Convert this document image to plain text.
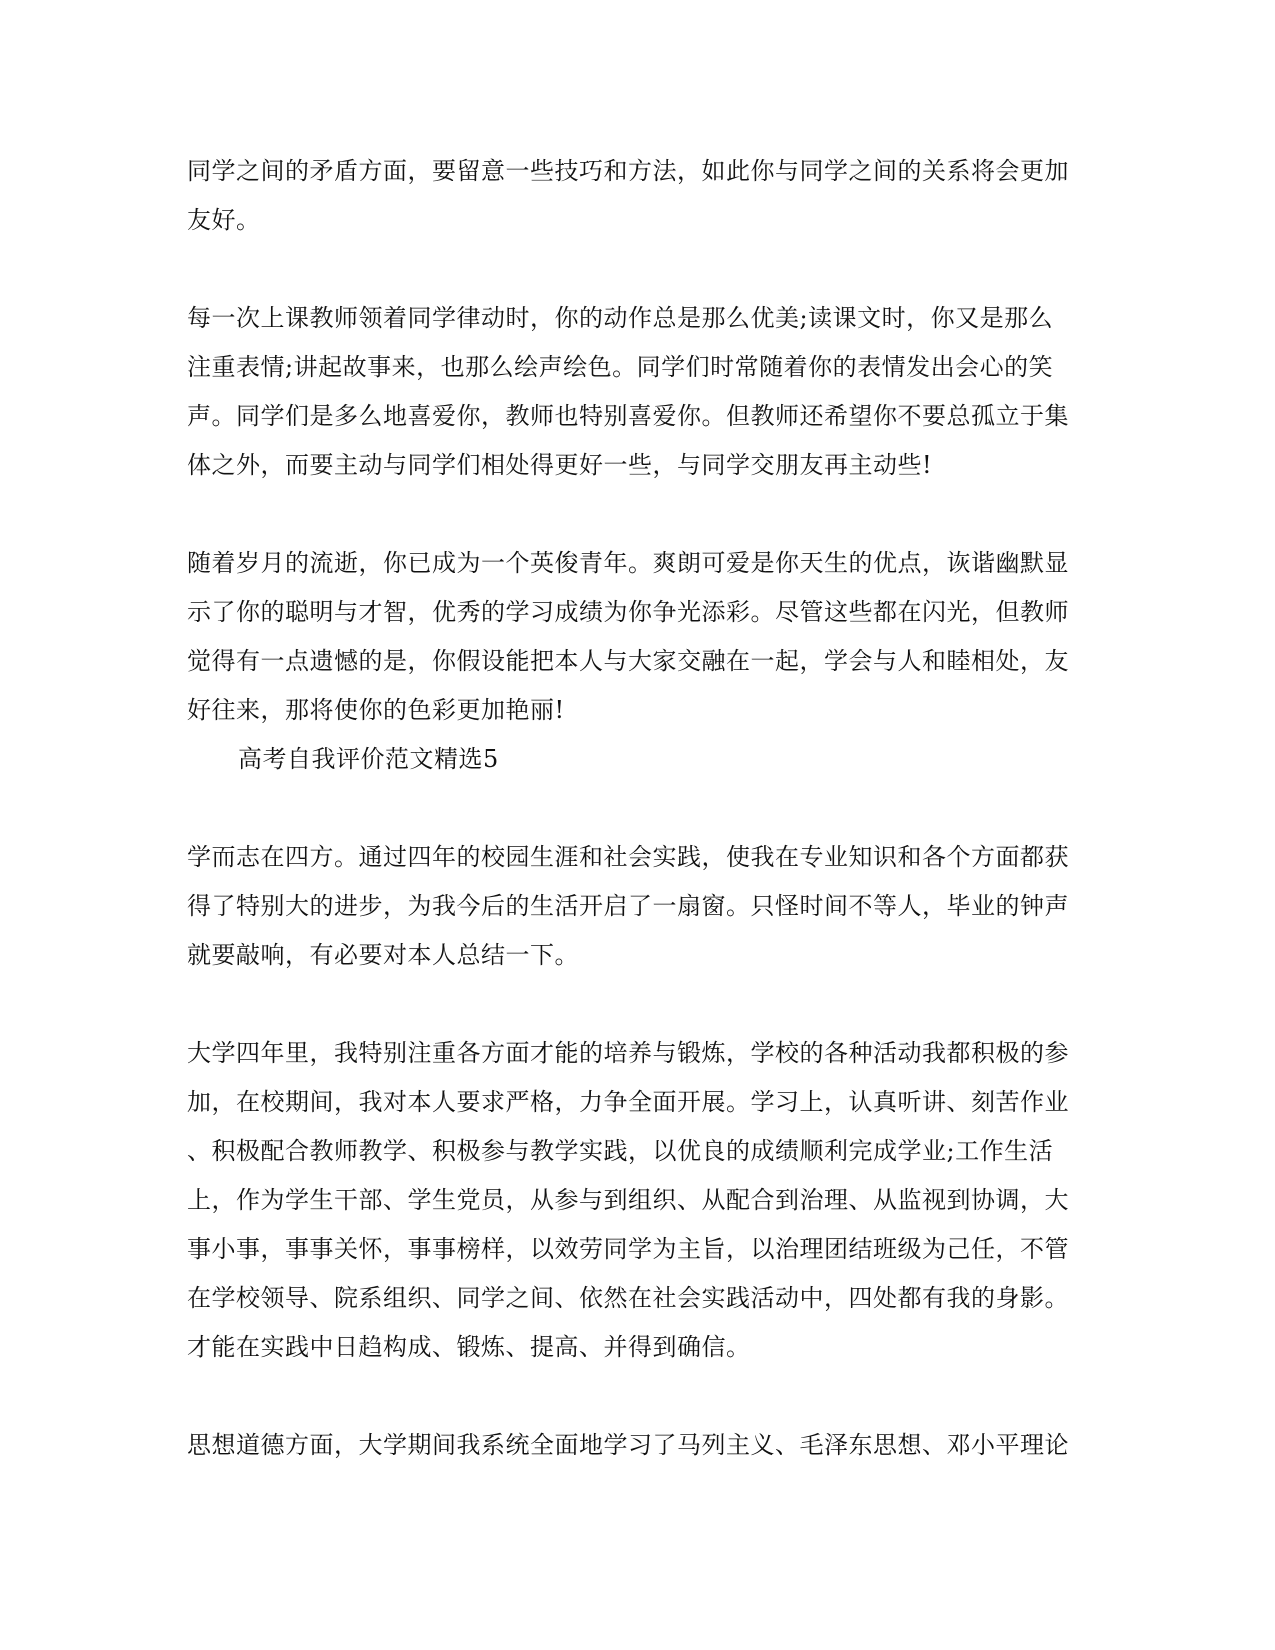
同学之间的矛盾方面，要留意一些技巧和方法，如此你与同学之间的关系将会更加
友好。

每一次上课教师领着同学律动时，你的动作总是那么优美;读课文时，你又是那么
注重表情;讲起故事来，也那么绘声绘色。同学们时常随着你的表情发出会心的笑
声。同学们是多么地喜爱你，教师也特别喜爱你。但教师还希望你不要总孤立于集
体之外，而要主动与同学们相处得更好一些，与同学交朋友再主动些!

随着岁月的流逝，你已成为一个英俊青年。爽朗可爱是你天生的优点，诙谐幽默显
示了你的聪明与才智，优秀的学习成绩为你争光添彩。尽管这些都在闪光，但教师
觉得有一点遗憾的是，你假设能把本人与大家交融在一起，学会与人和睦相处，友
好往来，那将使你的色彩更加艳丽!

高考自我评价范文精选5

学而志在四方。通过四年的校园生涯和社会实践，使我在专业知识和各个方面都获
得了特别大的进步，为我今后的生活开启了一扇窗。只怪时间不等人，毕业的钟声
就要敲响，有必要对本人总结一下。

大学四年里，我特别注重各方面才能的培养与锻炼，学校的各种活动我都积极的参
加，在校期间，我对本人要求严格，力争全面开展。学习上，认真听讲、刻苦作业
、积极配合教师教学、积极参与教学实践，以优良的成绩顺利完成学业;工作生活
上，作为学生干部、学生党员，从参与到组织、从配合到治理、从监视到协调，大
事小事，事事关怀，事事榜样，以效劳同学为主旨，以治理团结班级为己任，不管
在学校领导、院系组织、同学之间、依然在社会实践活动中，四处都有我的身影。
才能在实践中日趋构成、锻炼、提高、并得到确信。

思想道德方面，大学期间我系统全面地学习了马列主义、毛泽东思想、邓小平理论
